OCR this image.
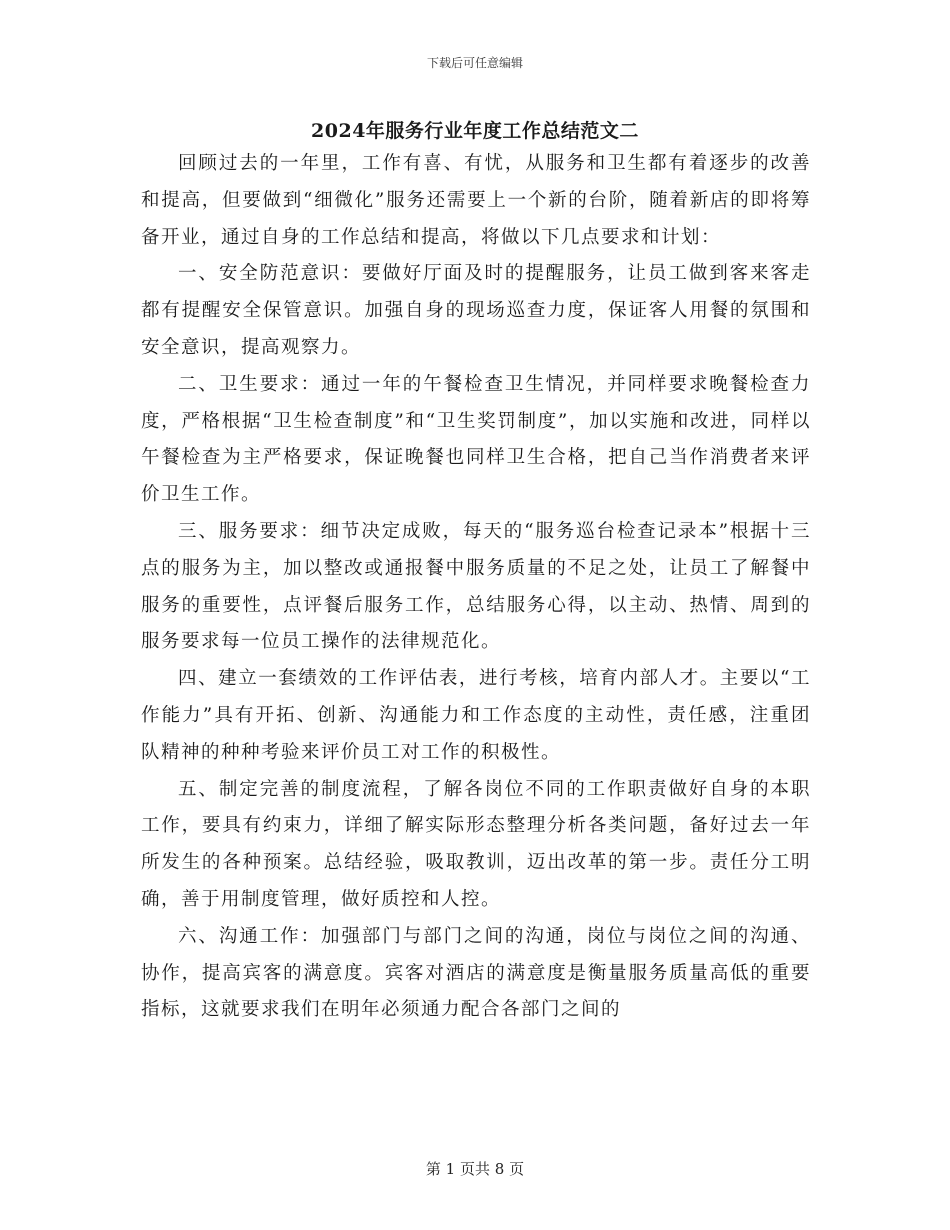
下载后可任意编辑
2024年服务行业年度工作总结范文二

回顾过去的一年里，工作有喜、有忧，从服务和卫生都有着逐步的改善和提高，但要做到“细微化”服务还需要上一个新的台阶，随着新店的即将筹备开业，通过自身的工作总结和提高，将做以下几点要求和计划：

一、安全防范意识：要做好厅面及时的提醒服务，让员工做到客来客走都有提醒安全保管意识。加强自身的现场巡查力度，保证客人用餐的氛围和安全意识，提高观察力。

二、卫生要求：通过一年的午餐检查卫生情况，并同样要求晚餐检查力度，严格根据“卫生检查制度”和“卫生奖罚制度”，加以实施和改进，同样以午餐检查为主严格要求，保证晚餐也同样卫生合格，把自己当作消费者来评价卫生工作。

三、服务要求：细节决定成败，每天的“服务巡台检查记录本”根据十三点的服务为主，加以整改或通报餐中服务质量的不足之处，让员工了解餐中服务的重要性，点评餐后服务工作，总结服务心得，以主动、热情、周到的服务要求每一位员工操作的法律规范化。

四、建立一套绩效的工作评估表，进行考核，培育内部人才。主要以“工作能力”具有开拓、创新、沟通能力和工作态度的主动性，责任感，注重团队精神的种种考验来评价员工对工作的积极性。

五、制定完善的制度流程，了解各岗位不同的工作职责做好自身的本职工作，要具有约束力，详细了解实际形态整理分析各类问题，备好过去一年所发生的各种预案。总结经验，吸取教训，迈出改革的第一步。责任分工明确，善于用制度管理，做好质控和人控。

六、沟通工作：加强部门与部门之间的沟通，岗位与岗位之间的沟通、协作，提高宾客的满意度。宾客对酒店的满意度是衡量服务质量高低的重要指标，这就要求我们在明年必须通力配合各部门之间的

第 1 页共 8 页
